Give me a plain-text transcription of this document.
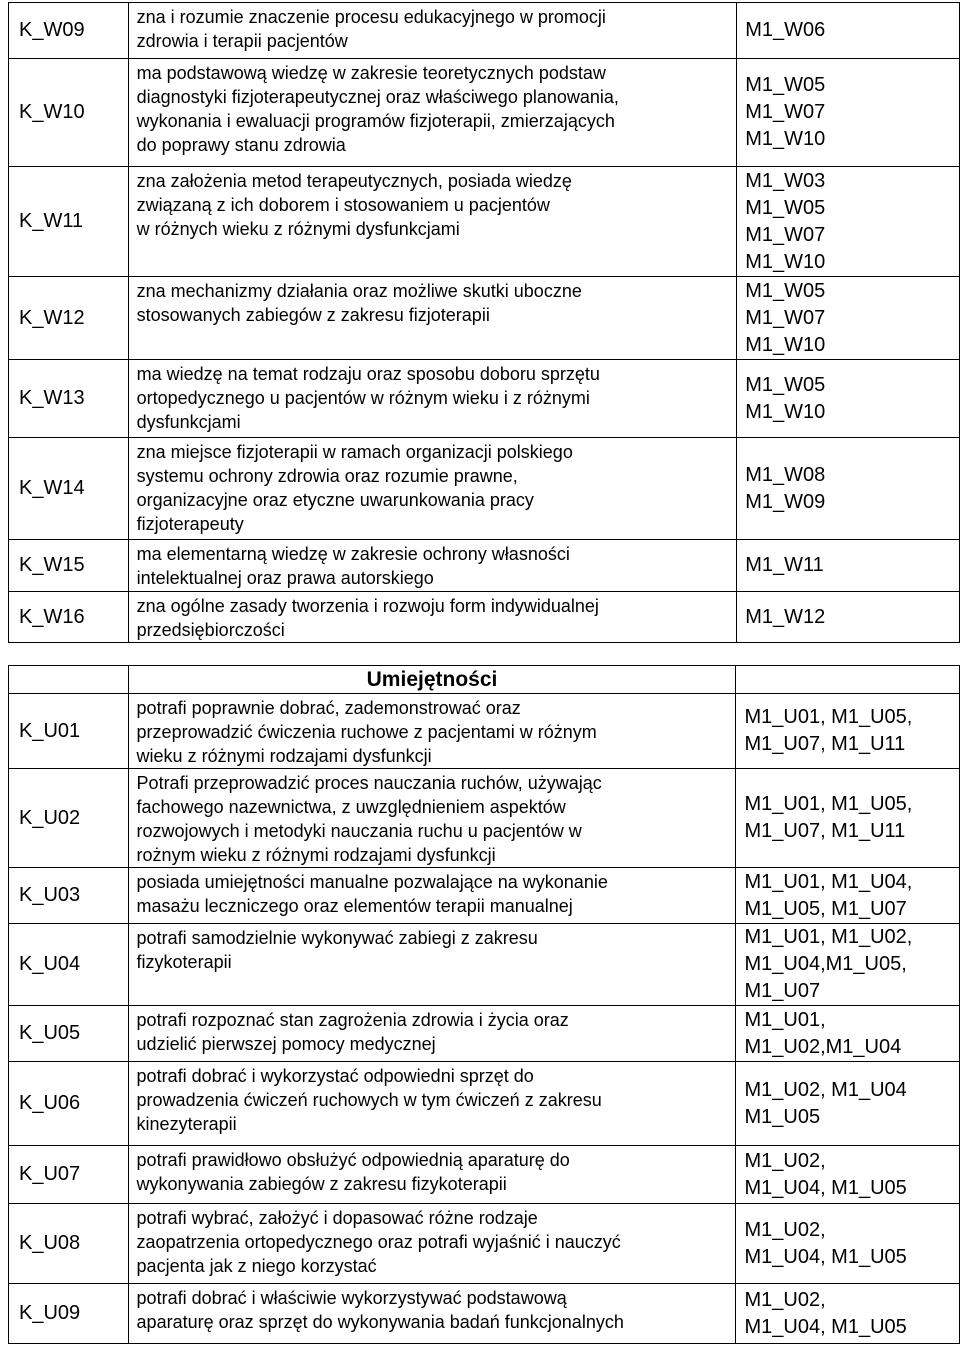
K_W09	zna i rozumie znaczenie procesu edukacyjnego w promocji
zdrowia i terapii pacjentów	M1_W06

K_W10	ma podstawową wiedzę w zakresie teoretycznych podstaw
diagnostyki fizjoterapeutycznej oraz właściwego planowania,
wykonania i ewaluacji programów fizjoterapii, zmierzających
do poprawy stanu zdrowia	M1_W05
M1_W07
M1_W10

K_W11	zna założenia metod terapeutycznych, posiada wiedzę
związaną z ich doborem i stosowaniem u pacjentów
w różnych wieku z różnymi dysfunkcjami	M1_W03
M1_W05
M1_W07
M1_W10

K_W12	zna mechanizmy działania oraz możliwe skutki uboczne
stosowanych zabiegów z zakresu fizjoterapii	M1_W05
M1_W07
M1_W10

K_W13	ma wiedzę na temat rodzaju oraz sposobu doboru sprzętu
ortopedycznego u pacjentów w różnym wieku i z różnymi
dysfunkcjami	M1_W05
M1_W10

K_W14	zna miejsce fizjoterapii w ramach organizacji polskiego
systemu ochrony zdrowia oraz rozumie prawne,
organizacyjne oraz etyczne uwarunkowania pracy
fizjoterapeuty	M1_W08
M1_W09

K_W15	ma elementarną wiedzę w zakresie ochrony własności
intelektualnej oraz prawa autorskiego	M1_W11

K_W16	zna ogólne zasady tworzenia i rozwoju form indywidualnej
przedsiębiorczości	M1_W12
	Umiejętności	
K_U01	potrafi poprawnie dobrać, zademonstrować oraz
przeprowadzić ćwiczenia ruchowe z pacjentami w różnym
wieku z różnymi rodzajami dysfunkcji	M1_U01, M1_U05,
M1_U07, M1_U11

K_U02	Potrafi przeprowadzić proces nauczania ruchów, używając
fachowego nazewnictwa, z uwzględnieniem aspektów
rozwojowych i metodyki nauczania ruchu u pacjentów w
rożnym wieku z różnymi rodzajami dysfunkcji	M1_U01, M1_U05,
M1_U07, M1_U11

K_U03	posiada umiejętności manualne pozwalające na wykonanie
masażu leczniczego oraz elementów terapii manualnej	M1_U01, M1_U04,
M1_U05, M1_U07

K_U04	potrafi samodzielnie wykonywać zabiegi z zakresu
fizykoterapii	M1_U01, M1_U02,
M1_U04,M1_U05,
M1_U07

K_U05	potrafi rozpoznać stan zagrożenia zdrowia i życia oraz
udzielić pierwszej pomocy medycznej	M1_U01,
M1_U02,M1_U04

K_U06	potrafi dobrać i wykorzystać odpowiedni sprzęt do
prowadzenia ćwiczeń ruchowych w tym ćwiczeń z zakresu
kinezyterapii	M1_U02, M1_U04
M1_U05

K_U07	potrafi prawidłowo obsłużyć odpowiednią aparaturę do
wykonywania zabiegów z zakresu fizykoterapii	M1_U02,
M1_U04, M1_U05

K_U08	potrafi wybrać, założyć i dopasować różne rodzaje
zaopatrzenia ortopedycznego oraz potrafi wyjaśnić i nauczyć
pacjenta jak z niego korzystać	M1_U02,
M1_U04, M1_U05

K_U09	potrafi dobrać i właściwie wykorzystywać podstawową
aparaturę oraz sprzęt do wykonywania badań funkcjonalnych	M1_U02,
M1_U04, M1_U05
